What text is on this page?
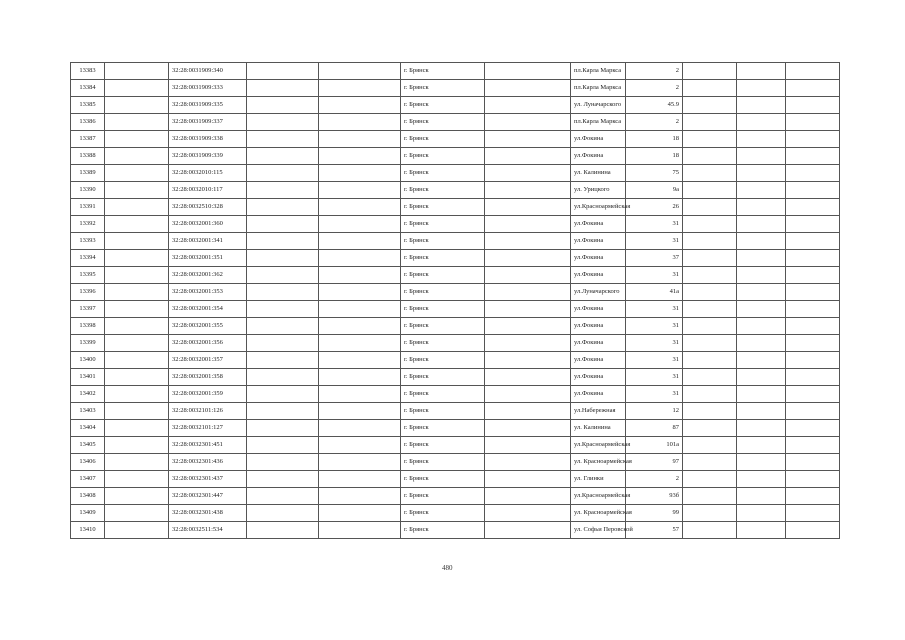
13383		32:28:0031909:340			г. Брянск		пл.Карла Маркса	2			
13384		32:28:0031909:333			г. Брянск		пл.Карла Маркса	2			
13385		32:28:0031909:335			г. Брянск		ул. Луначарского	45.9			
13386		32:28:0031909:337			г. Брянск		пл.Карла Маркса	2			
13387		32:28:0031909:338			г. Брянск		ул.Фокина	18			
13388		32:28:0031909:339			г. Брянск		ул.Фокина	18			
13389		32:28:0032010:115			г. Брянск		ул. Калинина	75			
13390		32:28:0032010:117			г. Брянск		ул. Урицкого	9а			
13391		32:28:0032510:328			г. Брянск		ул.Красноармейская	26			
13392		32:28:0032001:360			г. Брянск		ул.Фокина	31			
13393		32:28:0032001:341			г. Брянск		ул.Фокина	31			
13394		32:28:0032001:351			г. Брянск		ул.Фокина	37			
13395		32:28:0032001:362			г. Брянск		ул.Фокина	31			
13396		32:28:0032001:353			г. Брянск		ул.Луначарского	41а			
13397		32:28:0032001:354			г. Брянск		ул.Фокина	31			
13398		32:28:0032001:355			г. Брянск		ул.Фокина	31			
13399		32:28:0032001:356			г. Брянск		ул.Фокина	31			
13400		32:28:0032001:357			г. Брянск		ул.Фокина	31			
13401		32:28:0032001:358			г. Брянск		ул.Фокина	31			
13402		32:28:0032001:359			г. Брянск		ул.Фокина	31			
13403		32:28:0032101:126			г. Брянск		ул.Набережная	12			
13404		32:28:0032101:127			г. Брянск		ул. Калинина	87			
13405		32:28:0032301:451			г. Брянск		ул.Красноармейская	101а			
13406		32:28:0032301:436			г. Брянск		ул. Красноармейская	97			
13407		32:28:0032301:437			г. Брянск		ул. Глинки	2			
13408		32:28:0032301:447			г. Брянск		ул.Красноармейская	93б			
13409		32:28:0032301:438			г. Брянск		ул. Красноармейская	99			
13410		32:28:0032511:534			г. Брянск		ул. Софьи Перовской	57			
480
